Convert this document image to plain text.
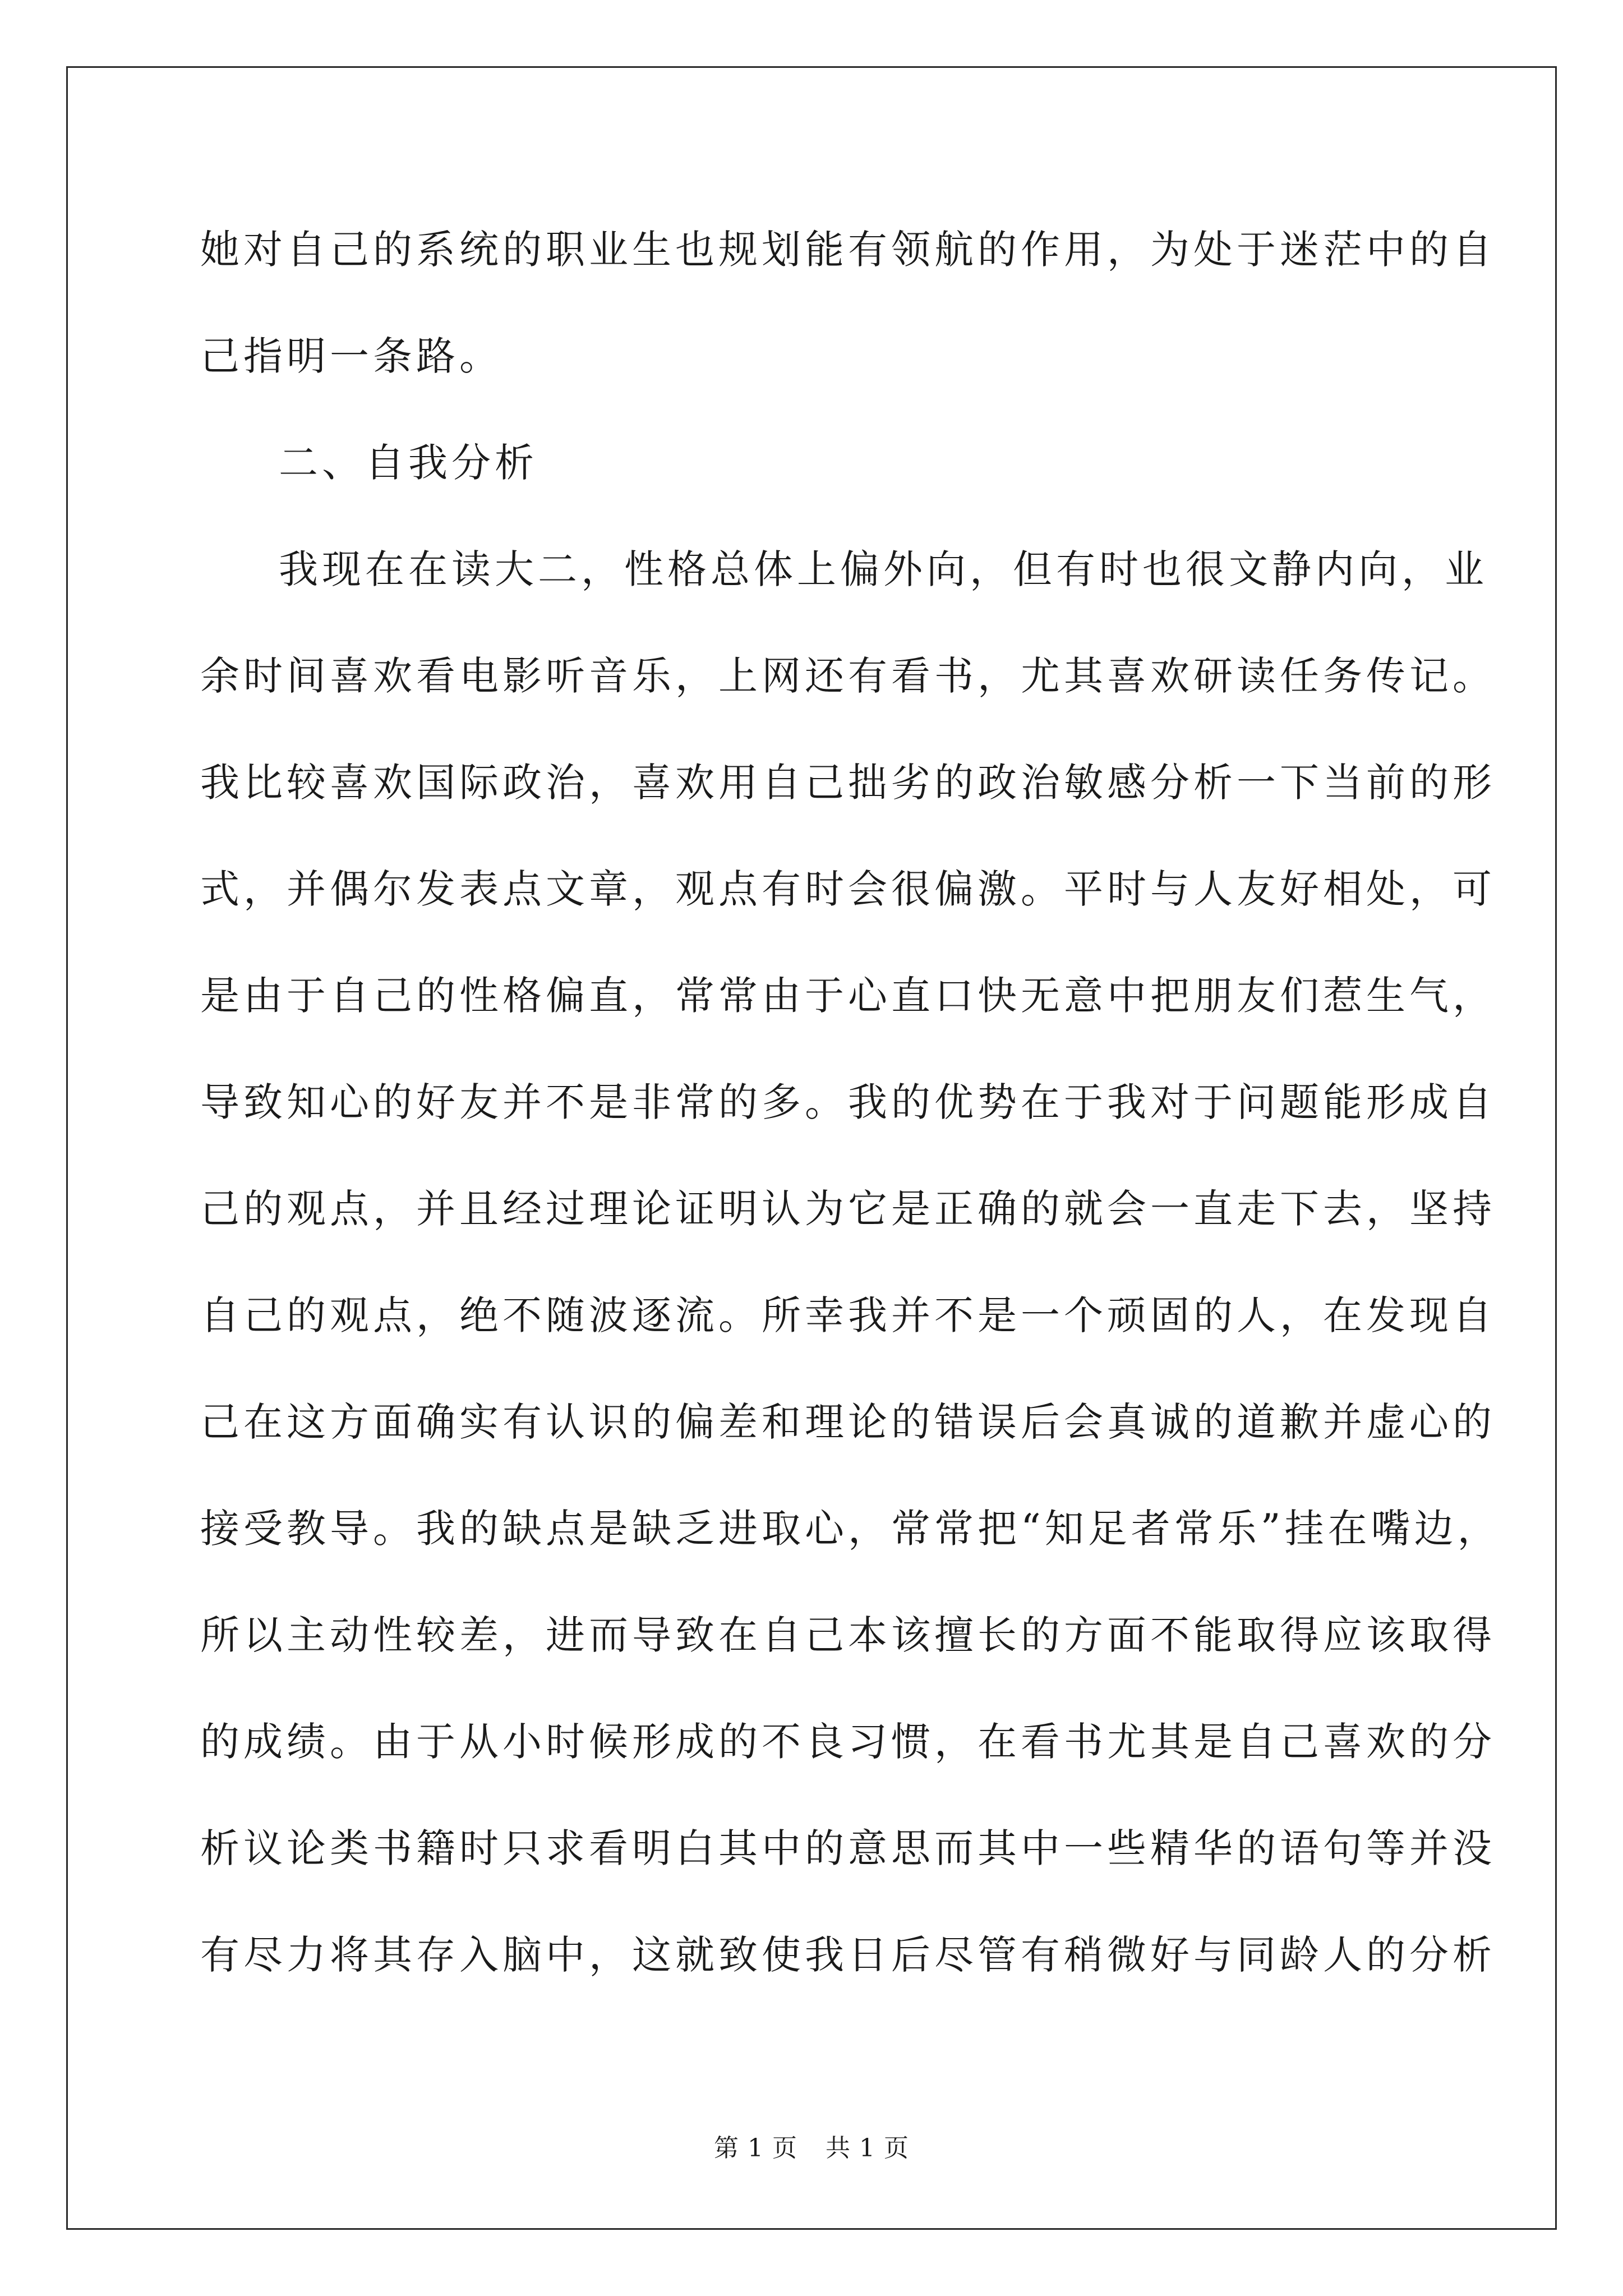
她对自己的系统的职业生也规划能有领航的作用，为处于迷茫中的自
己指明一条路。
二、自我分析
我现在在读大二，性格总体上偏外向，但有时也很文静内向，业
余时间喜欢看电影听音乐，上网还有看书，尤其喜欢研读任务传记。
我比较喜欢国际政治，喜欢用自己拙劣的政治敏感分析一下当前的形
式，并偶尔发表点文章，观点有时会很偏激。平时与人友好相处，可
是由于自己的性格偏直，常常由于心直口快无意中把朋友们惹生气，
导致知心的好友并不是非常的多。我的优势在于我对于问题能形成自
己的观点，并且经过理论证明认为它是正确的就会一直走下去，坚持
自己的观点，绝不随波逐流。所幸我并不是一个顽固的人，在发现自
己在这方面确实有认识的偏差和理论的错误后会真诚的道歉并虚心的
接受教导。我的缺点是缺乏进取心，常常把“知足者常乐”挂在嘴边，
所以主动性较差，进而导致在自己本该擅长的方面不能取得应该取得
的成绩。由于从小时候形成的不良习惯，在看书尤其是自己喜欢的分
析议论类书籍时只求看明白其中的意思而其中一些精华的语句等并没
有尽力将其存入脑中，这就致使我日后尽管有稍微好与同龄人的分析
第 1 页 共 1 页
